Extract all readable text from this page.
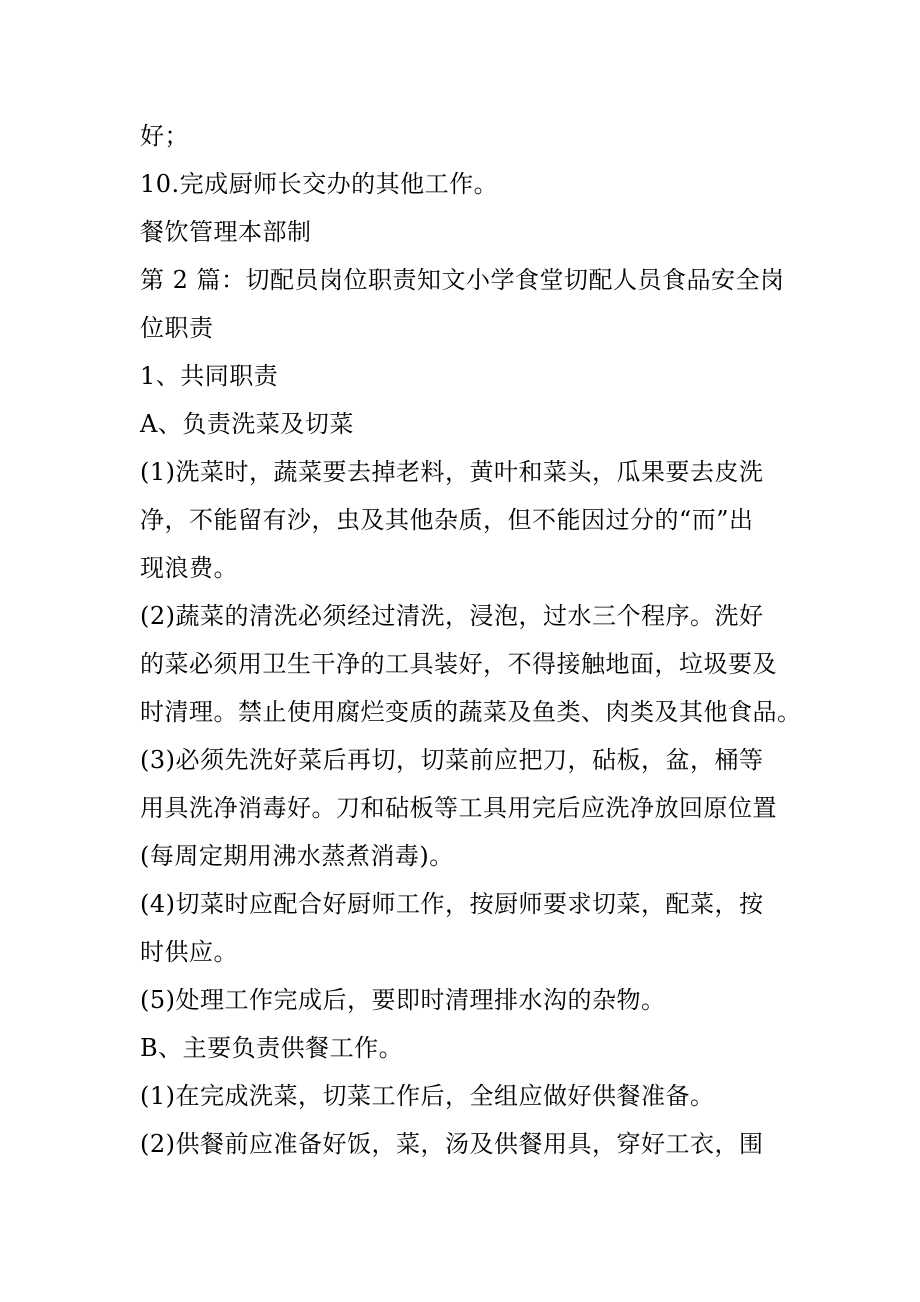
好；
10.完成厨师长交办的其他工作。
餐饮管理本部制
第 2 篇：切配员岗位职责知文小学食堂切配人员食品安全岗
位职责
1、共同职责
A、负责洗菜及切菜
(1)洗菜时，蔬菜要去掉老料，黄叶和菜头，瓜果要去皮洗
净，不能留有沙，虫及其他杂质，但不能因过分的“而”出
现浪费。
(2)蔬菜的清洗必须经过清洗，浸泡，过水三个程序。洗好
的菜必须用卫生干净的工具装好，不得接触地面，垃圾要及
时清理。禁止使用腐烂变质的蔬菜及鱼类、肉类及其他食品。
(3)必须先洗好菜后再切，切菜前应把刀，砧板，盆，桶等
用具洗净消毒好。刀和砧板等工具用完后应洗净放回原位置
(每周定期用沸水蒸煮消毒)。
(4)切菜时应配合好厨师工作，按厨师要求切菜，配菜，按
时供应。
(5)处理工作完成后，要即时清理排水沟的杂物。
B、主要负责供餐工作。
(1)在完成洗菜，切菜工作后，全组应做好供餐准备。
(2)供餐前应准备好饭，菜，汤及供餐用具，穿好工衣，围
